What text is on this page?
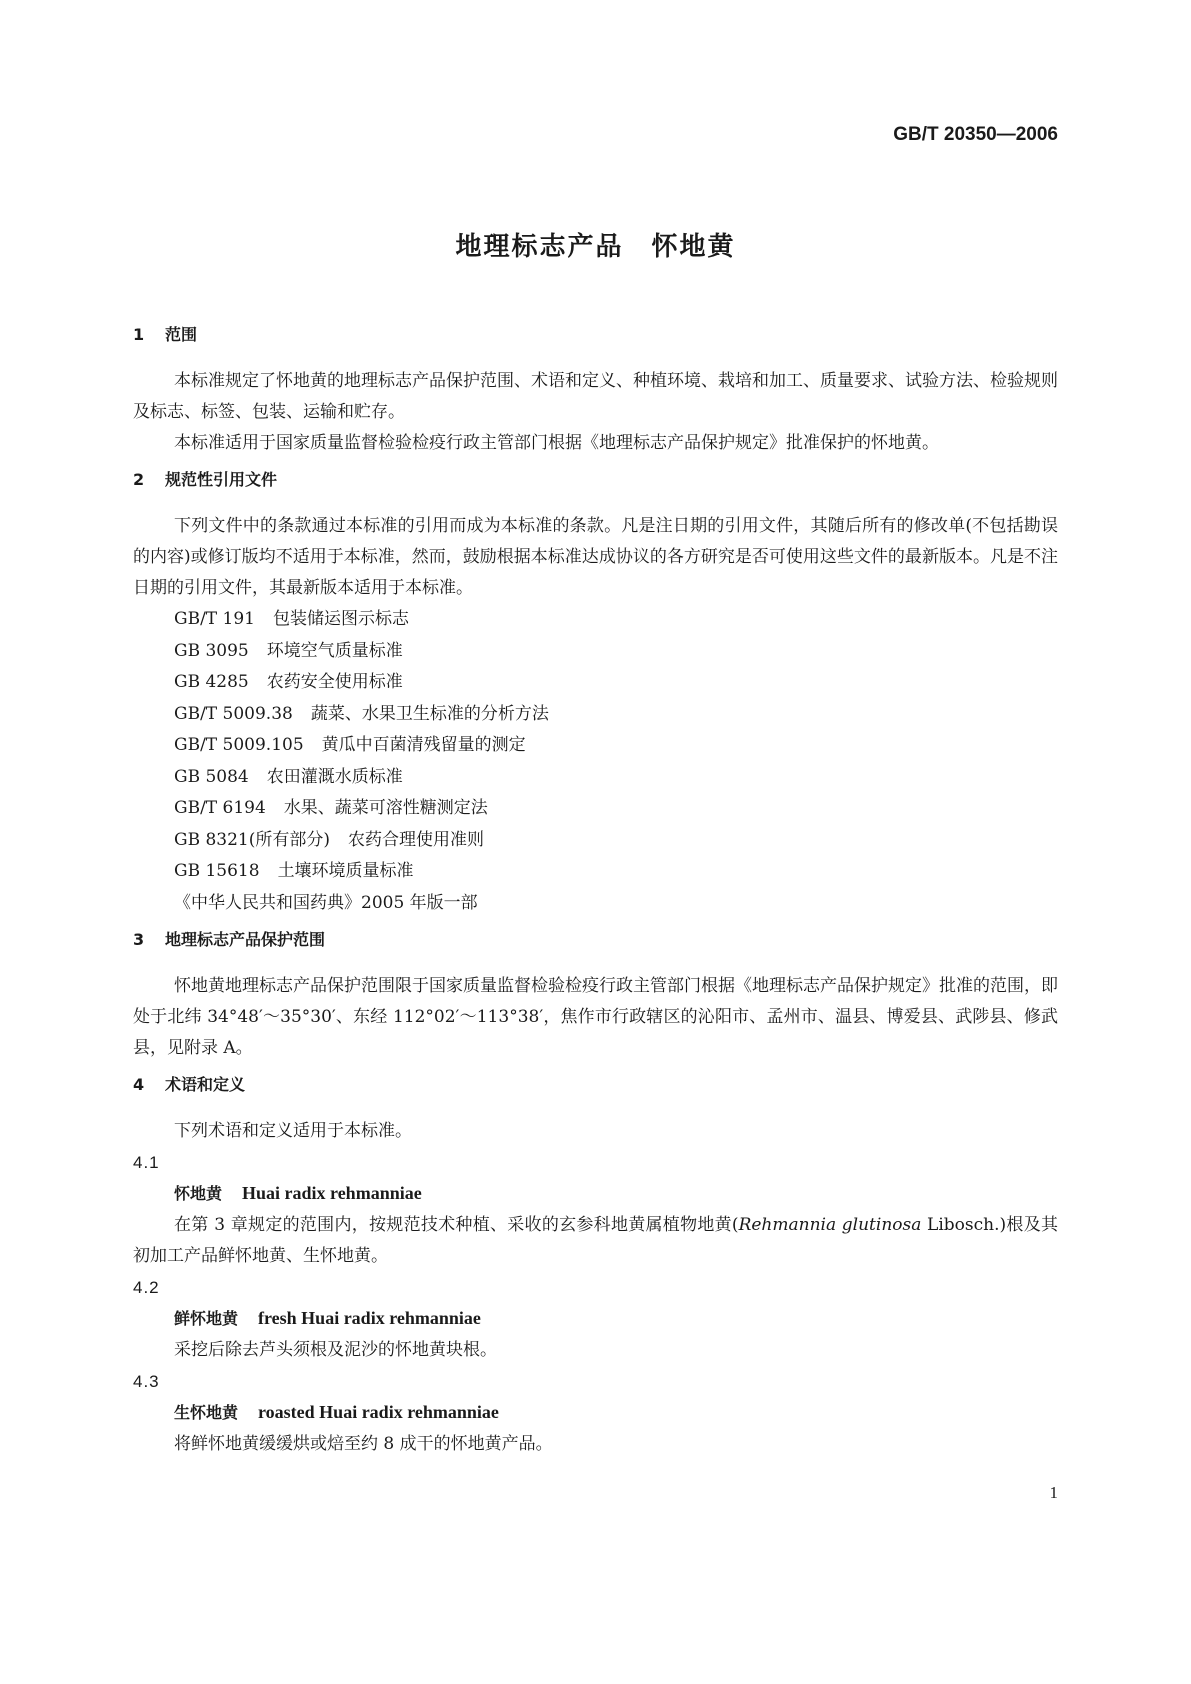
GB/T 20350—2006
地理标志产品　怀地黄
1 范围

本标准规定了怀地黄的地理标志产品保护范围、术语和定义、种植环境、栽培和加工、质量要求、试验方法、检验规则及标志、标签、包装、运输和贮存。

本标准适用于国家质量监督检验检疫行政主管部门根据《地理标志产品保护规定》批准保护的怀地黄。

2 规范性引用文件

下列文件中的条款通过本标准的引用而成为本标准的条款。凡是注日期的引用文件，其随后所有的修改单(不包括勘误的内容)或修订版均不适用于本标准，然而，鼓励根据本标准达成协议的各方研究是否可使用这些文件的最新版本。凡是不注日期的引用文件，其最新版本适用于本标准。

GB/T 191 包装储运图示标志
GB 3095 环境空气质量标准
GB 4285 农药安全使用标准
GB/T 5009.38 蔬菜、水果卫生标准的分析方法
GB/T 5009.105 黄瓜中百菌清残留量的测定
GB 5084 农田灌溉水质标准
GB/T 6194 水果、蔬菜可溶性糖测定法
GB 8321(所有部分) 农药合理使用准则
GB 15618 土壤环境质量标准
《中华人民共和国药典》2005 年版一部
3 地理标志产品保护范围

怀地黄地理标志产品保护范围限于国家质量监督检验检疫行政主管部门根据《地理标志产品保护规定》批准的范围，即处于北纬 34°48′～35°30′、东经 112°02′～113°38′，焦作市行政辖区的沁阳市、孟州市、温县、博爱县、武陟县、修武县，见附录 A。

4 术语和定义

下列术语和定义适用于本标准。

4.1
怀地黄 Huai radix rehmanniae

在第 3 章规定的范围内，按规范技术种植、采收的玄参科地黄属植物地黄(Rehmannia glutinosa Libosch.)根及其初加工产品鲜怀地黄、生怀地黄。

4.2
鲜怀地黄 fresh Huai radix rehmanniae

采挖后除去芦头须根及泥沙的怀地黄块根。

4.3
生怀地黄 roasted Huai radix rehmanniae

将鲜怀地黄缓缓烘或焙至约 8 成干的怀地黄产品。

1
